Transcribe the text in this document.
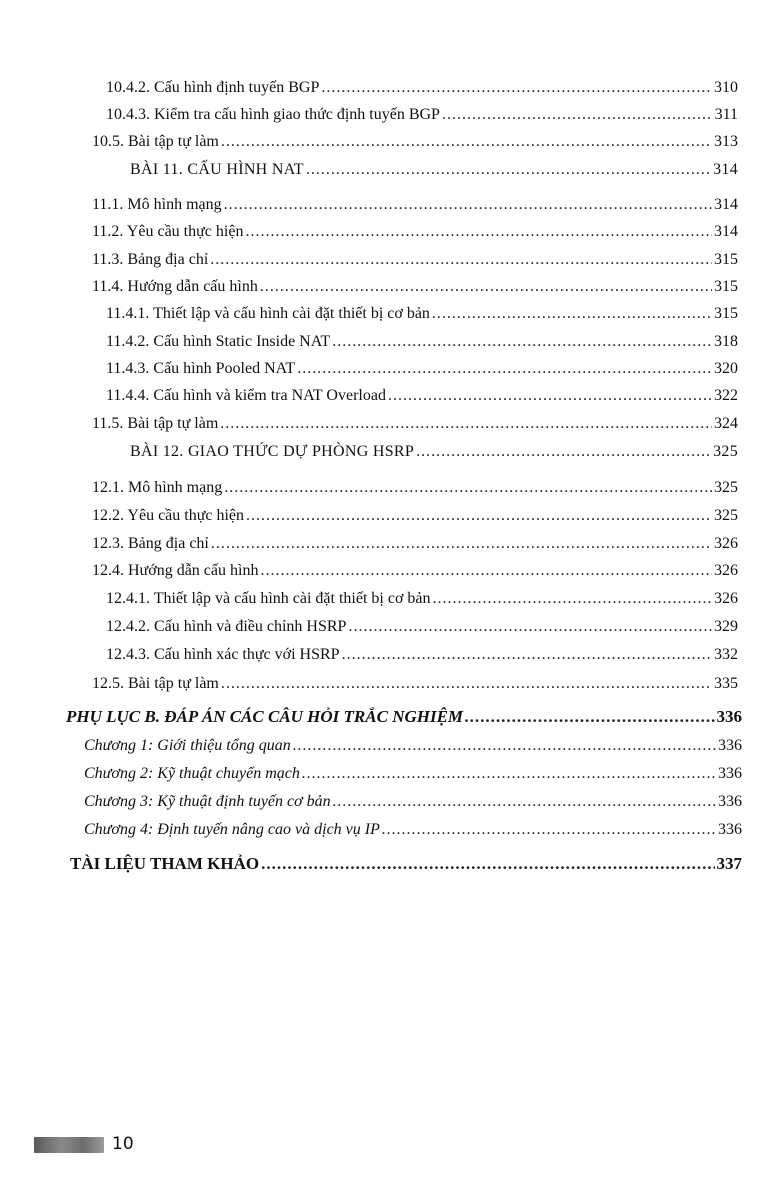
10.4.2. Cấu hình định tuyến BGP .....	310
10.4.3. Kiểm tra cấu hình giao thức định tuyến BGP .....	311
10.5. Bài tập tự làm .....	313
BÀI 11. CẤU HÌNH NAT .....	314
11.1. Mô hình mạng .....	314
11.2. Yêu cầu thực hiện .....	314
11.3. Bảng địa chỉ .....	315
11.4. Hướng dẫn cấu hình .....	315
11.4.1. Thiết lập và cấu hình cài đặt thiết bị cơ bản .....	315
11.4.2. Cấu hình Static Inside NAT .....	318
11.4.3. Cấu hình Pooled NAT .....	320
11.4.4. Cấu hình và kiểm tra NAT Overload .....	322
11.5. Bài tập tự làm .....	324
BÀI 12. GIAO THỨC DỰ PHÒNG HSRP .....	325
12.1. Mô hình mạng .....	325
12.2. Yêu cầu thực hiện .....	325
12.3. Bảng địa chỉ .....	326
12.4. Hướng dẫn cấu hình .....	326
12.4.1. Thiết lập và cấu hình cài đặt thiết bị cơ bản .....	326
12.4.2. Cấu hình và điều chỉnh HSRP .....	329
12.4.3. Cấu hình xác thực với HSRP .....	332
12.5. Bài tập tự làm .....	335
PHỤ LỤC B. ĐÁP ÁN CÁC CÂU HỎI TRẮC NGHIỆM .....	336
Chương 1: Giới thiệu tổng quan .....	336
Chương 2: Kỹ thuật chuyển mạch .....	336
Chương 3: Kỹ thuật định tuyến cơ bản .....	336
Chương 4: Định tuyến nâng cao và dịch vụ IP .....	336
TÀI LIỆU THAM KHẢO .....	337
10
